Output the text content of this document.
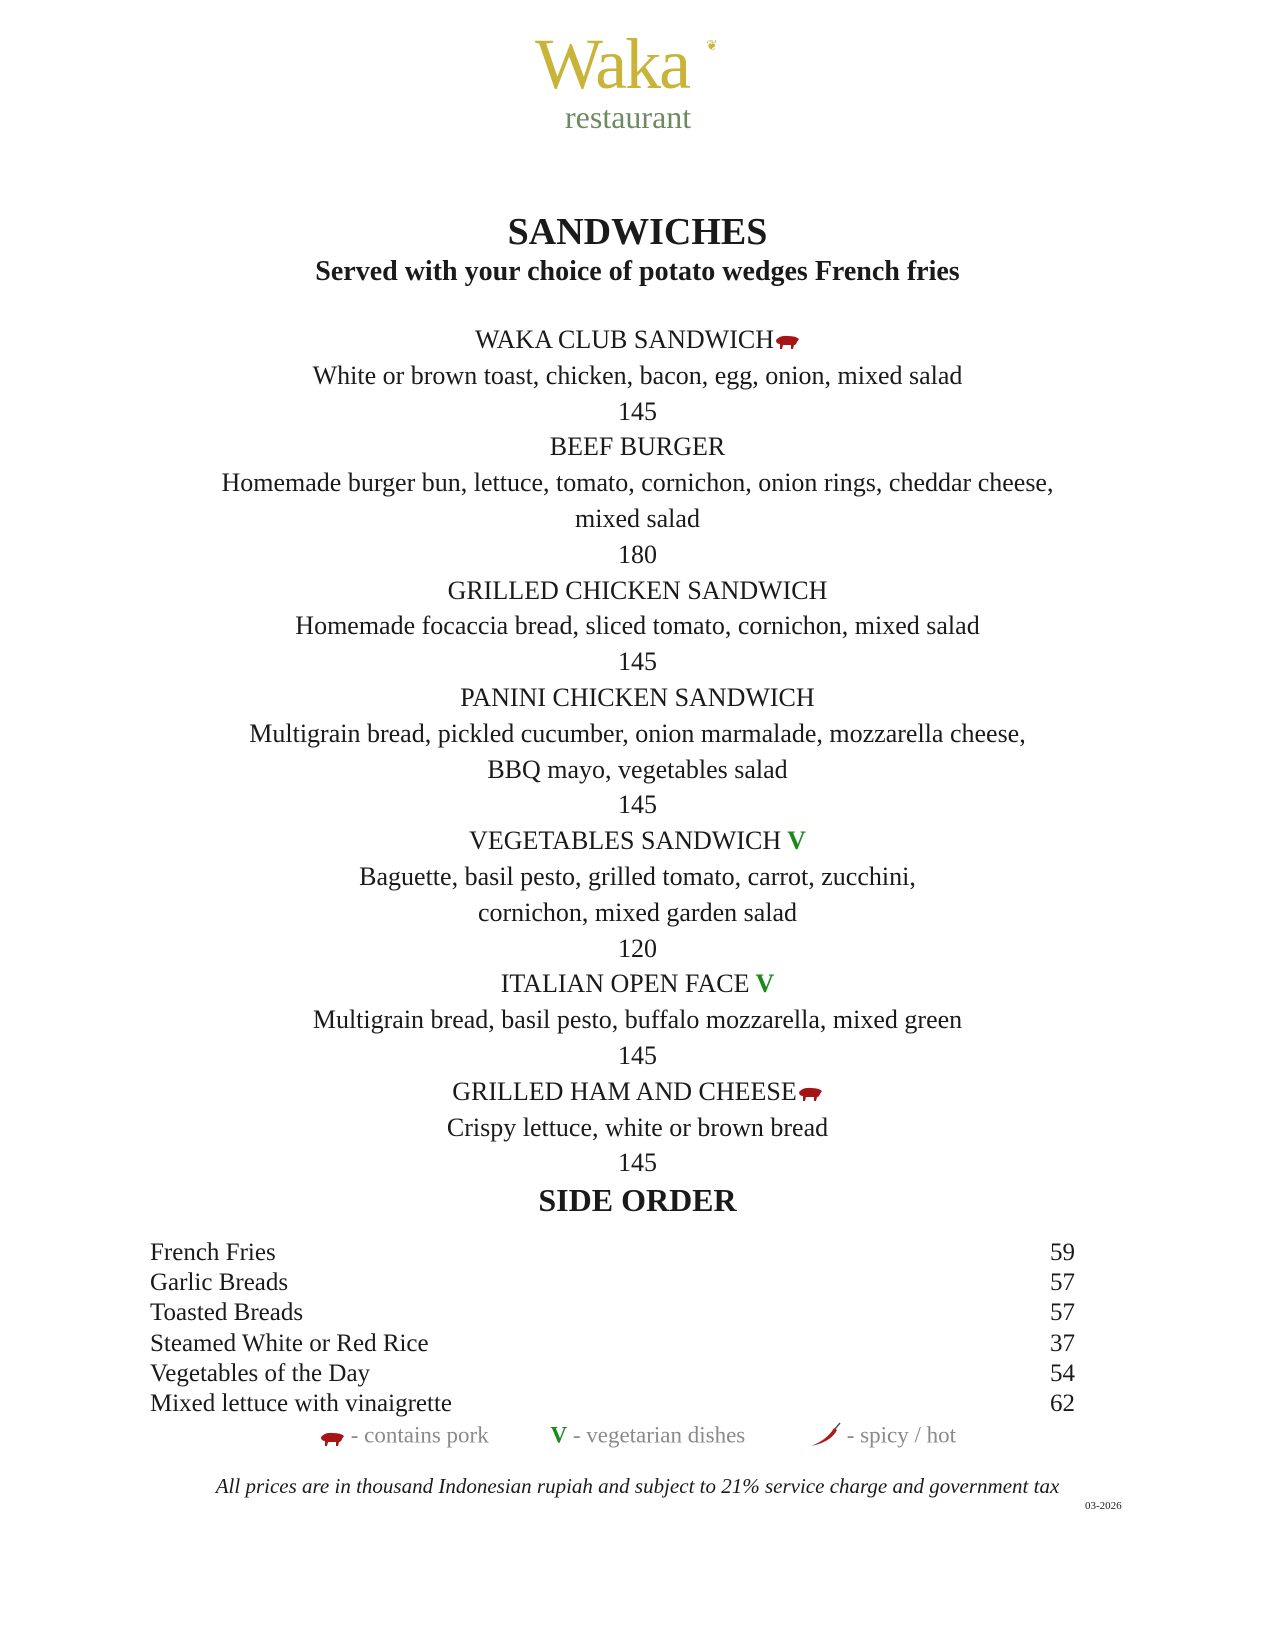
Waka ❦
restaurant
SANDWICHES
Served with your choice of potato wedges French fries
WAKA CLUB SANDWICH
White or brown toast, chicken, bacon, egg, onion, mixed salad
145
BEEF BURGER
Homemade burger bun, lettuce, tomato, cornichon, onion rings, cheddar cheese,
mixed salad
180
GRILLED CHICKEN SANDWICH
Homemade focaccia bread, sliced tomato, cornichon, mixed salad
145
PANINI CHICKEN SANDWICH
Multigrain bread, pickled cucumber, onion marmalade, mozzarella cheese,
BBQ mayo, vegetables salad
145
VEGETABLES SANDWICH V
Baguette, basil pesto, grilled tomato, carrot, zucchini,
cornichon, mixed garden salad
120
ITALIAN OPEN FACE V
Multigrain bread, basil pesto, buffalo mozzarella, mixed green
145
GRILLED HAM AND CHEESE
Crispy lettuce, white or brown bread
145
SIDE ORDER
French Fries	59
Garlic Breads	57
Toasted Breads	57
Steamed White or Red Rice	37
Vegetables of the Day	54
Mixed lettuce with vinaigrette	62
- contains pork	V - vegetarian dishes	- spicy / hot
All prices are in thousand Indonesian rupiah and subject to 21% service charge and government tax
03-2026
